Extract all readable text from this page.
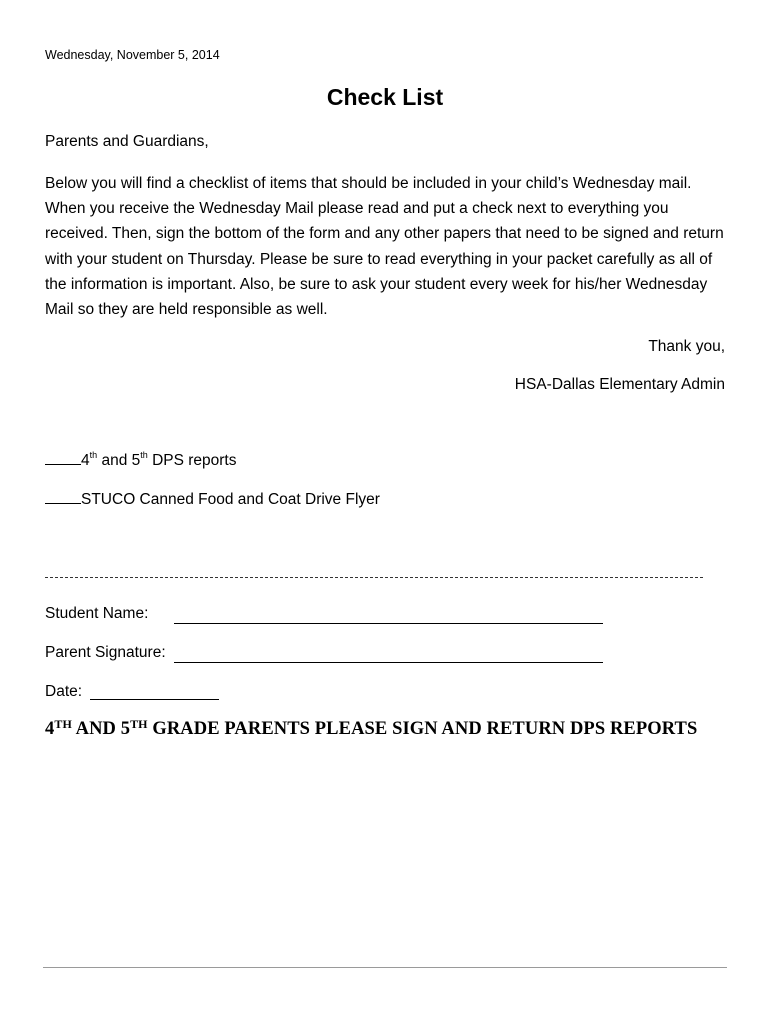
Wednesday, November 5, 2014
Check List
Parents and Guardians,
Below you will find a checklist of items that should be included in your child’s Wednesday mail. When you receive the Wednesday Mail please read and put a check next to everything you received. Then, sign the bottom of the form and any other papers that need to be signed and return with your student on Thursday. Please be sure to read everything in your packet carefully as all of the information is important. Also, be sure to ask your student every week for his/her Wednesday Mail so they are held responsible as well.
Thank you,
HSA-Dallas Elementary Admin
4th and 5th DPS reports
STUCO Canned Food and Coat Drive Flyer
Student Name:
Parent Signature:
Date:
4TH AND 5TH GRADE PARENTS PLEASE SIGN AND RETURN DPS REPORTS
